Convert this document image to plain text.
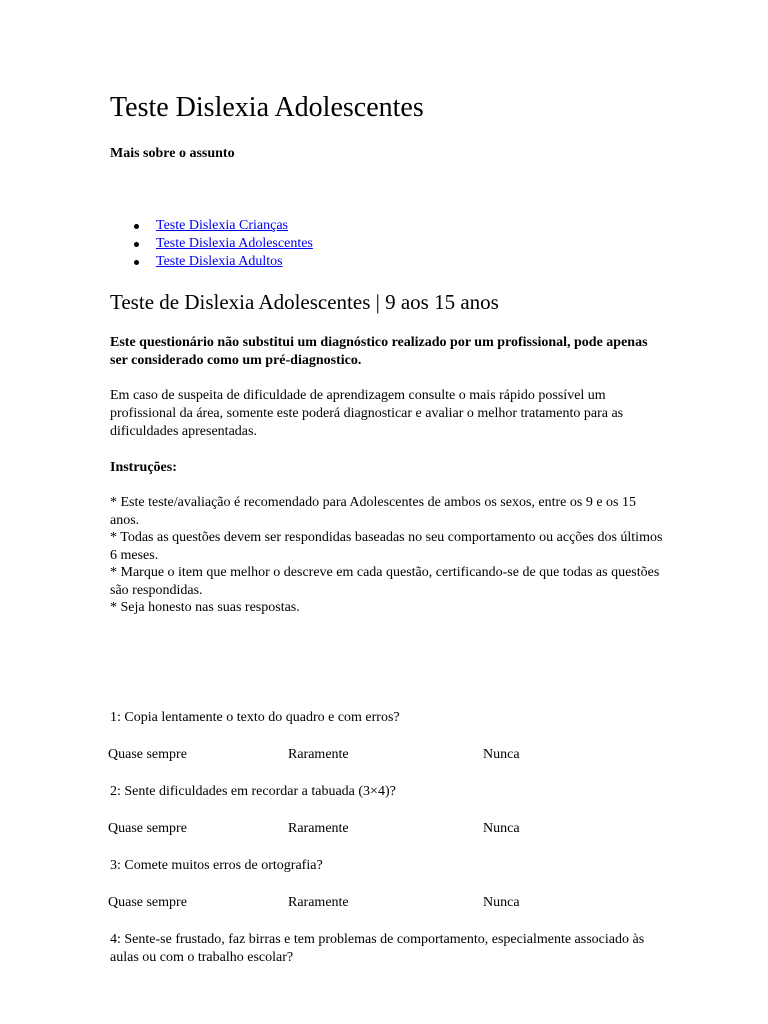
Teste Dislexia Adolescentes

Mais sobre o assunto

Teste Dislexia Crianças
Teste Dislexia Adolescentes
Teste Dislexia Adultos
Teste de Dislexia Adolescentes | 9 aos 15 anos

Este questionário não substitui um diagnóstico realizado por um profissional, pode apenas ser considerado como um pré-diagnostico.

Em caso de suspeita de dificuldade de aprendizagem consulte o mais rápido possível um profissional da área, somente este poderá diagnosticar e avaliar o melhor tratamento para as dificuldades apresentadas.

Instruções:

* Este teste/avaliação é recomendado para Adolescentes de ambos os sexos, entre os 9 e os 15 anos.
* Todas as questões devem ser respondidas baseadas no seu comportamento ou acções dos últimos 6 meses.
* Marque o item que melhor o descreve em cada questão, certificando-se de que todas as questões são respondidas.
* Seja honesto nas suas respostas.

1: Copia lentamente o texto do quadro e com erros?

Quase sempre	Raramente	Nunca

2: Sente dificuldades em recordar a tabuada (3×4)?

Quase sempre	Raramente	Nunca

3: Comete muitos erros de ortografia?

Quase sempre	Raramente	Nunca

4: Sente-se frustado, faz birras e tem problemas de comportamento, especialmente associado às aulas ou com o trabalho escolar?
